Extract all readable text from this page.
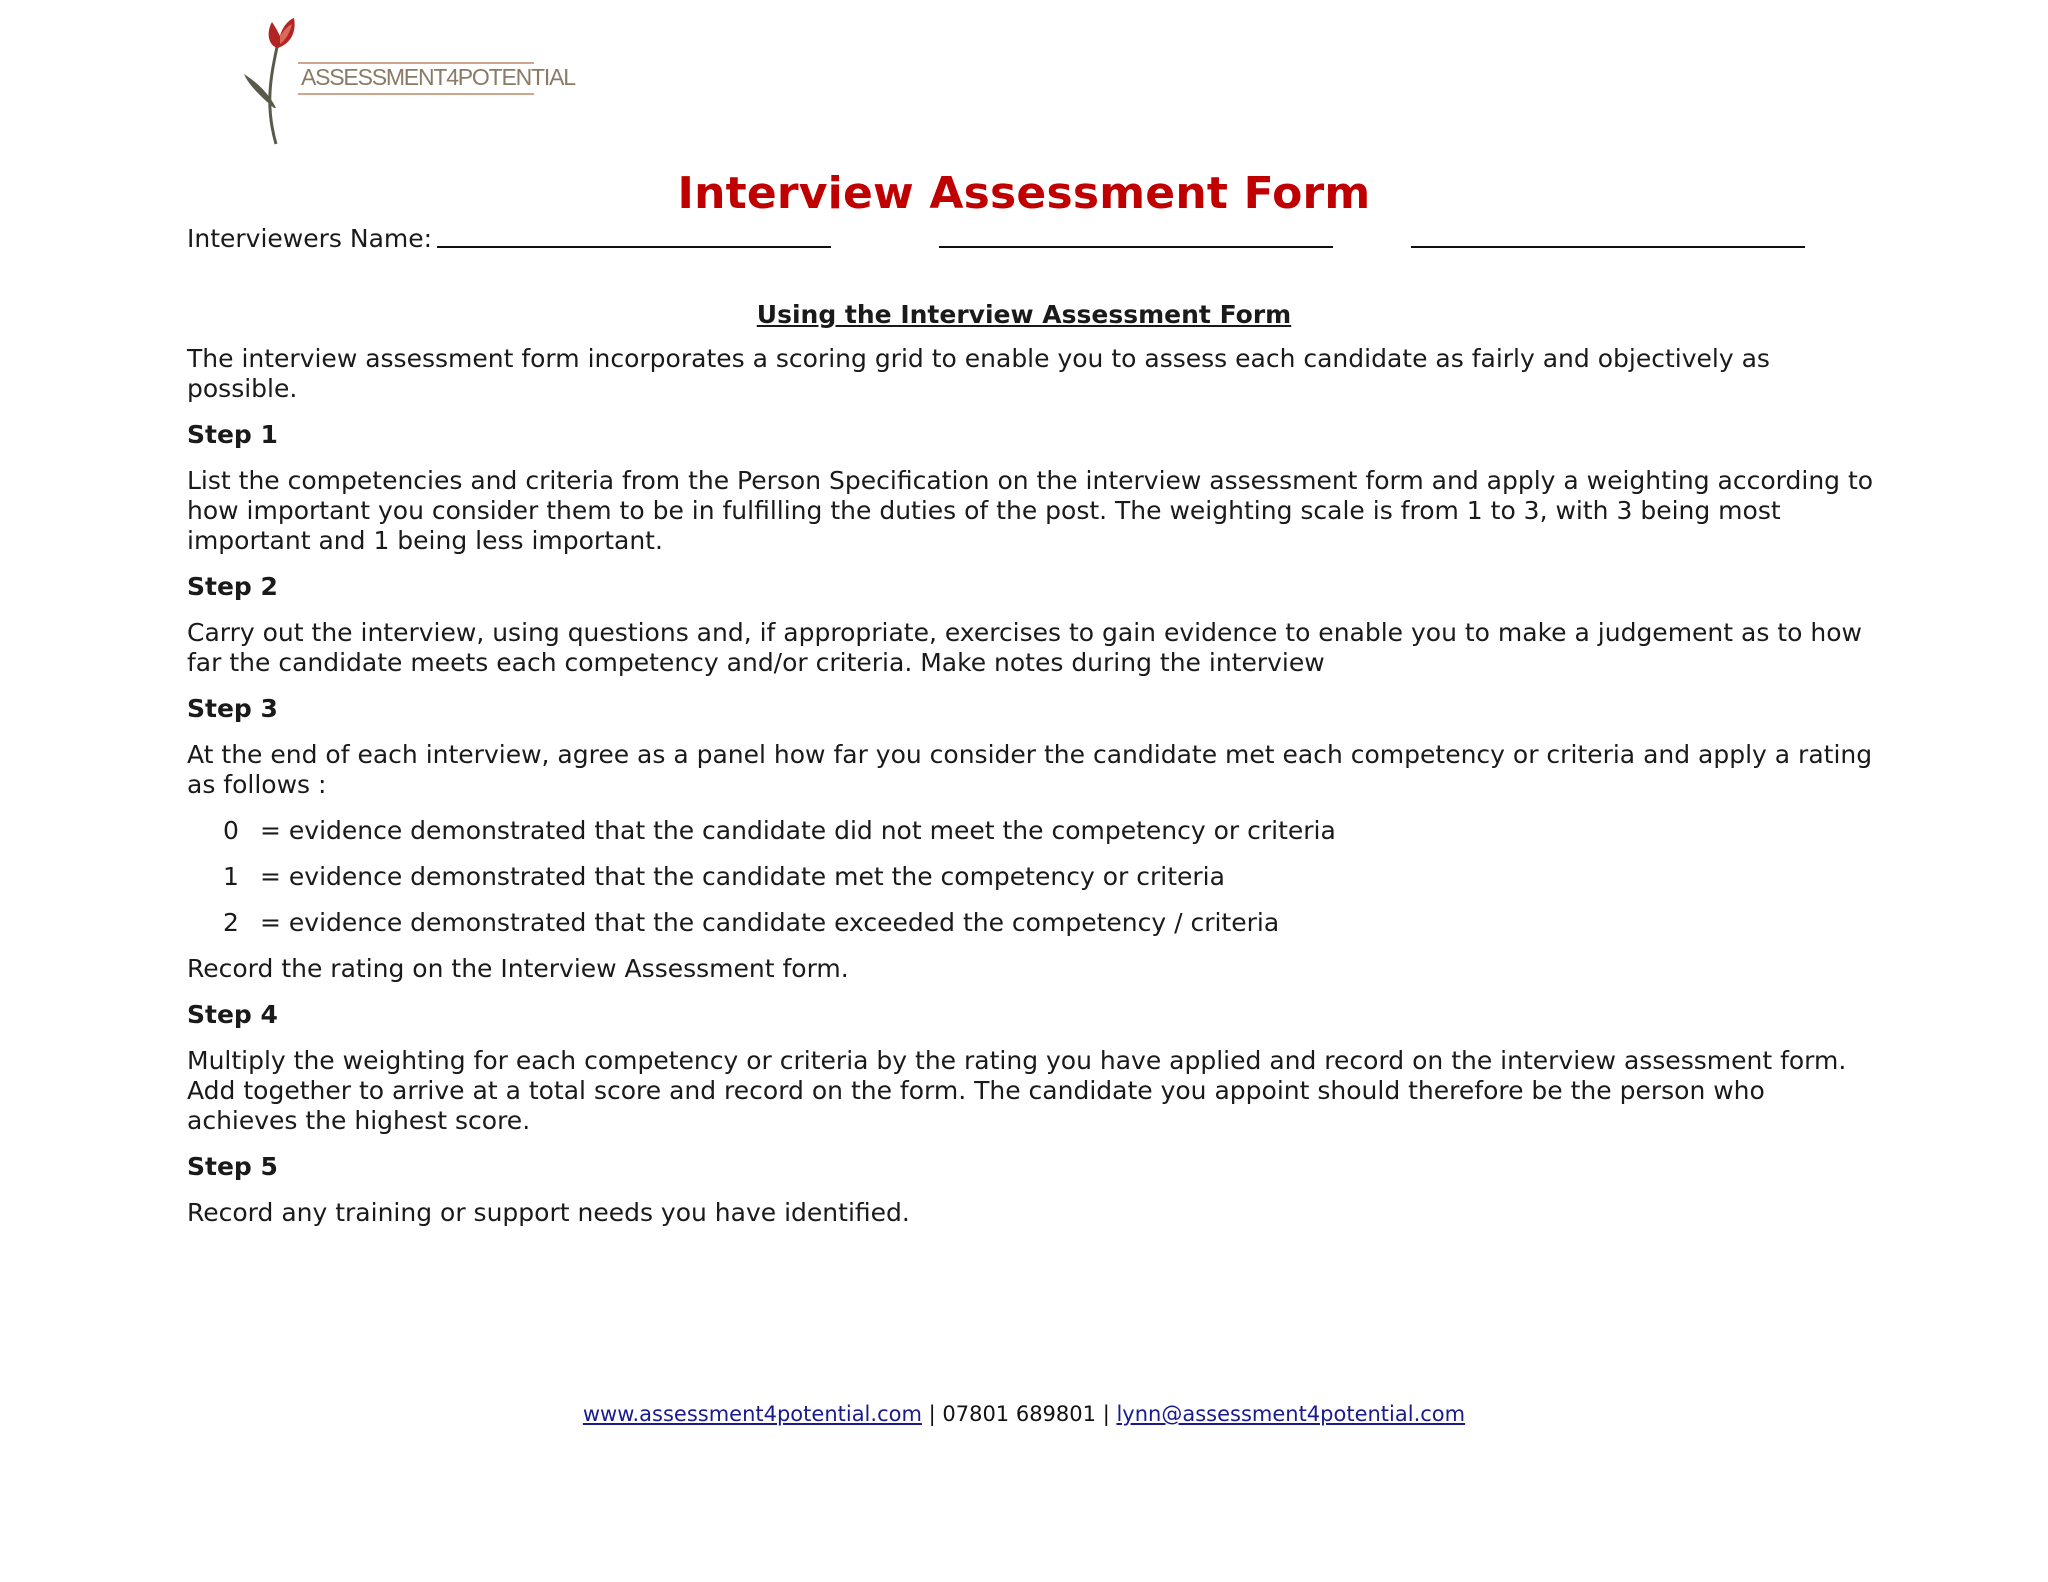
ASSESSMENT4POTENTIAL
Interview Assessment Form
Interviewers Name:
Using the Interview Assessment Form

The interview assessment form incorporates a scoring grid to enable you to assess each candidate as fairly and objectively as possible.

Step 1

List the competencies and criteria from the Person Specification on the interview assessment form and apply a weighting according to how important you consider them to be in fulfilling the duties of the post. The weighting scale is from 1 to 3, with 3 being most important and 1 being less important.

Step 2

Carry out the interview, using questions and, if appropriate, exercises to gain evidence to enable you to make a judgement as to how far the candidate meets each competency and/or criteria. Make notes during the interview

Step 3

At the end of each interview, agree as a panel how far you consider the candidate met each competency or criteria and apply a rating as follows :

0 = evidence demonstrated that the candidate did not meet the competency or criteria
1 = evidence demonstrated that the candidate met the competency or criteria
2 = evidence demonstrated that the candidate exceeded the competency / criteria

Record the rating on the Interview Assessment form.

Step 4

Multiply the weighting for each competency or criteria by the rating you have applied and record on the interview assessment form. Add together to arrive at a total score and record on the form. The candidate you appoint should therefore be the person who achieves the highest score.

Step 5

Record any training or support needs you have identified.

www.assessment4potential.com | 07801 689801 | lynn@assessment4potential.com
